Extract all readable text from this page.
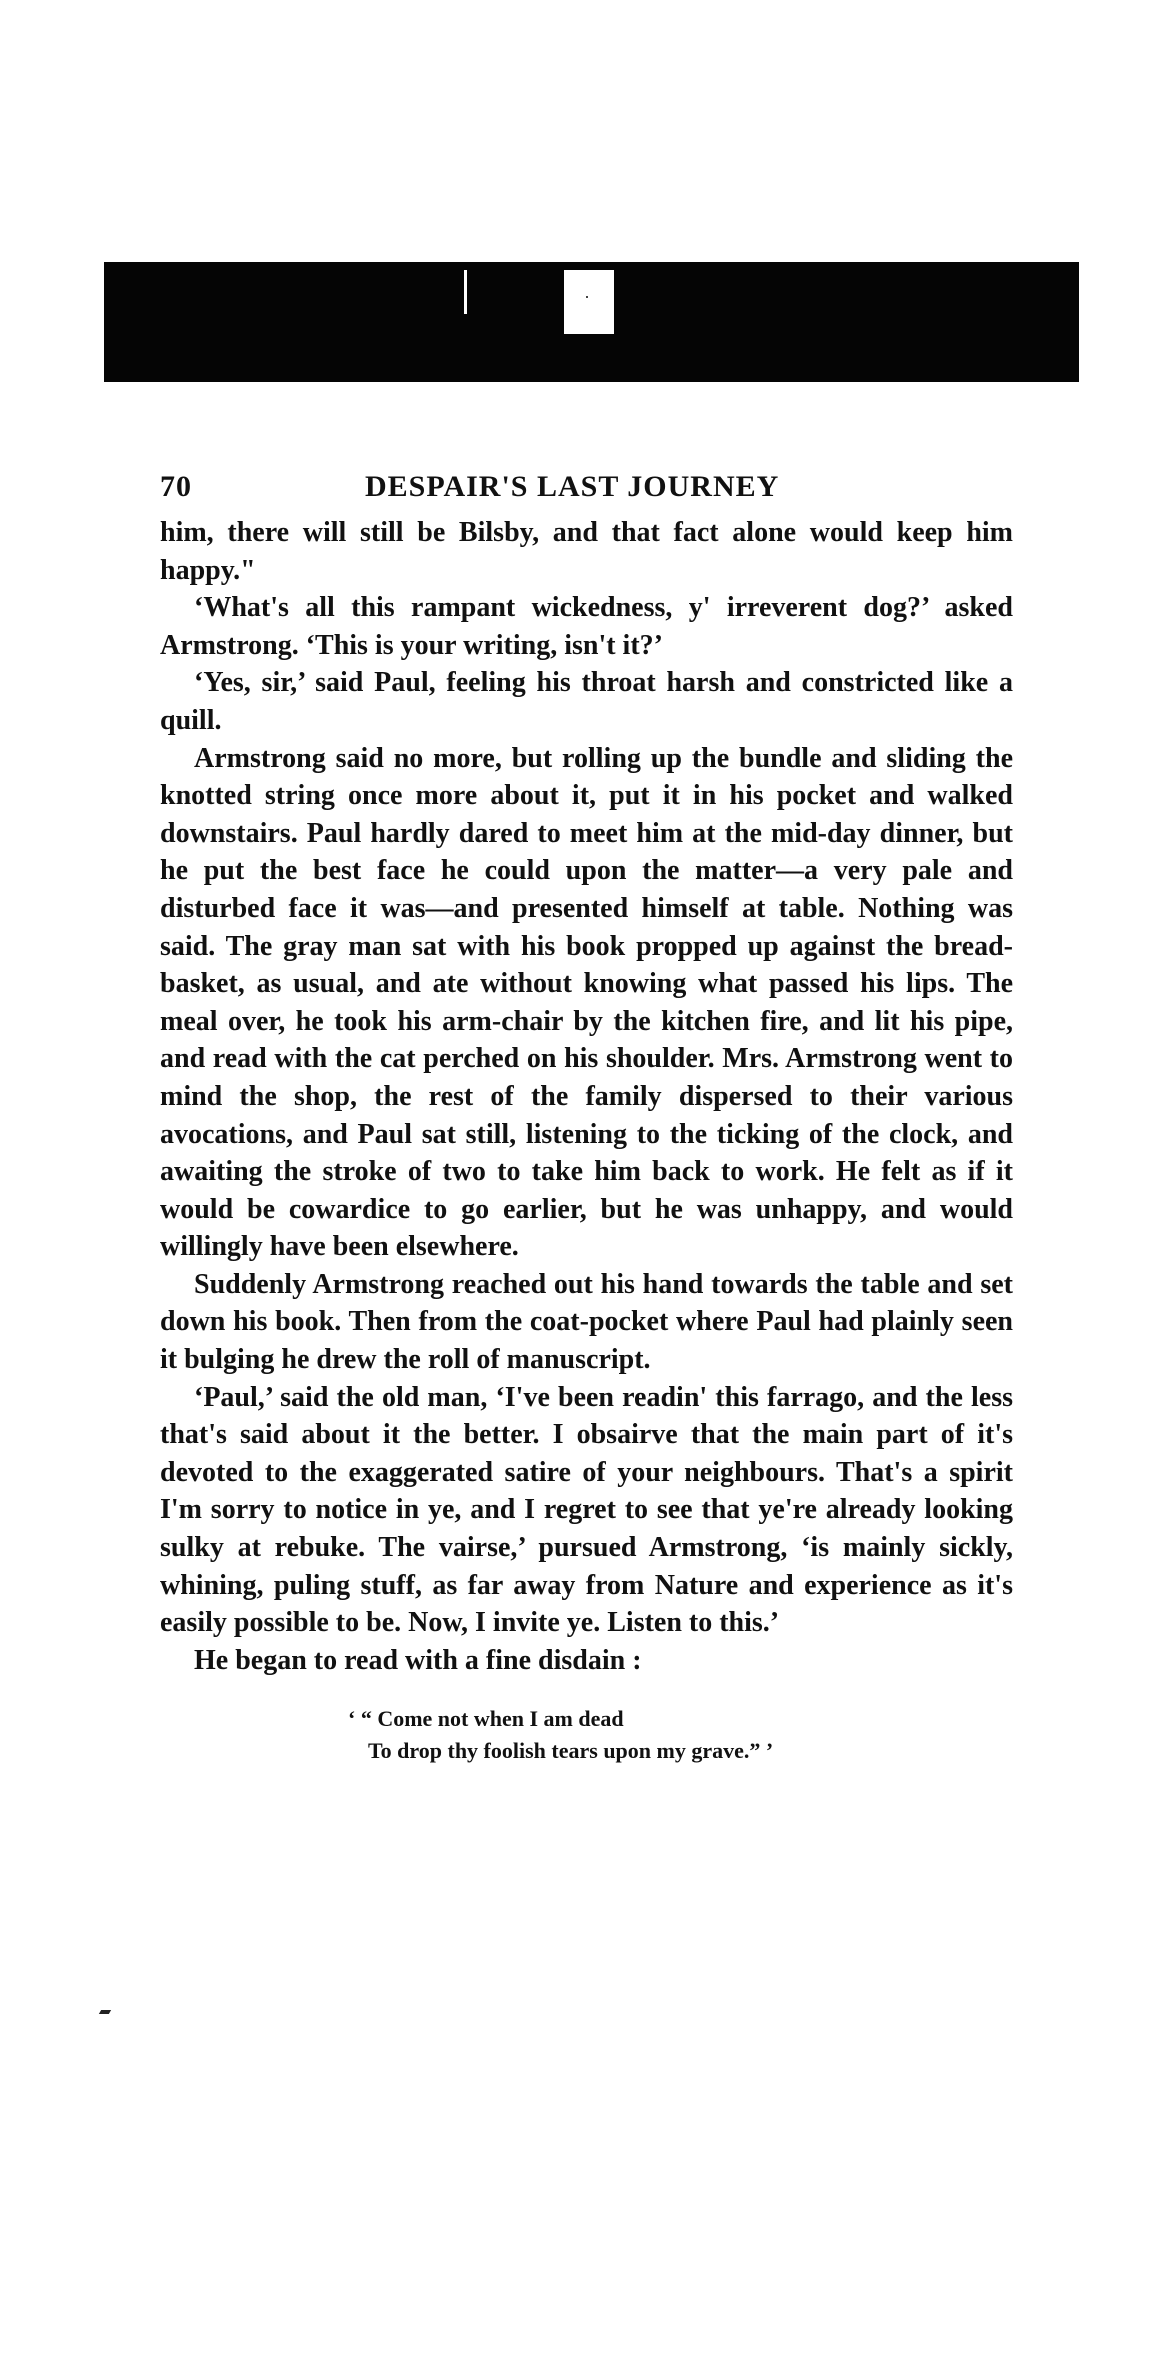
70	DESPAIR'S LAST JOURNEY

him, there will still be Bilsby, and that fact alone would keep him happy."

‘What's all this rampant wickedness, y' irreverent dog?’ asked Armstrong. ‘This is your writing, isn't it?’

‘Yes, sir,’ said Paul, feeling his throat harsh and constricted like a quill.

Armstrong said no more, but rolling up the bundle and sliding the knotted string once more about it, put it in his pocket and walked downstairs. Paul hardly dared to meet him at the mid-day dinner, but he put the best face he could upon the matter—a very pale and disturbed face it was—and presented himself at table. Nothing was said. The gray man sat with his book propped up against the bread-basket, as usual, and ate without knowing what passed his lips. The meal over, he took his arm-chair by the kitchen fire, and lit his pipe, and read with the cat perched on his shoulder. Mrs. Armstrong went to mind the shop, the rest of the family dispersed to their various avocations, and Paul sat still, listening to the ticking of the clock, and awaiting the stroke of two to take him back to work. He felt as if it would be cowardice to go earlier, but he was unhappy, and would willingly have been elsewhere.

Suddenly Armstrong reached out his hand towards the table and set down his book. Then from the coat-pocket where Paul had plainly seen it bulging he drew the roll of manuscript.

‘Paul,’ said the old man, ‘I've been readin' this farrago, and the less that's said about it the better. I obsairve that the main part of it's devoted to the exaggerated satire of your neighbours. That's a spirit I'm sorry to notice in ye, and I regret to see that ye're already looking sulky at rebuke. The vairse,’ pursued Armstrong, ‘is mainly sickly, whining, puling stuff, as far away from Nature and experience as it's easily possible to be. Now, I invite ye. Listen to this.’

He began to read with a fine disdain :

‘ “ Come not when I am dead
To drop thy foolish tears upon my grave.” ’
